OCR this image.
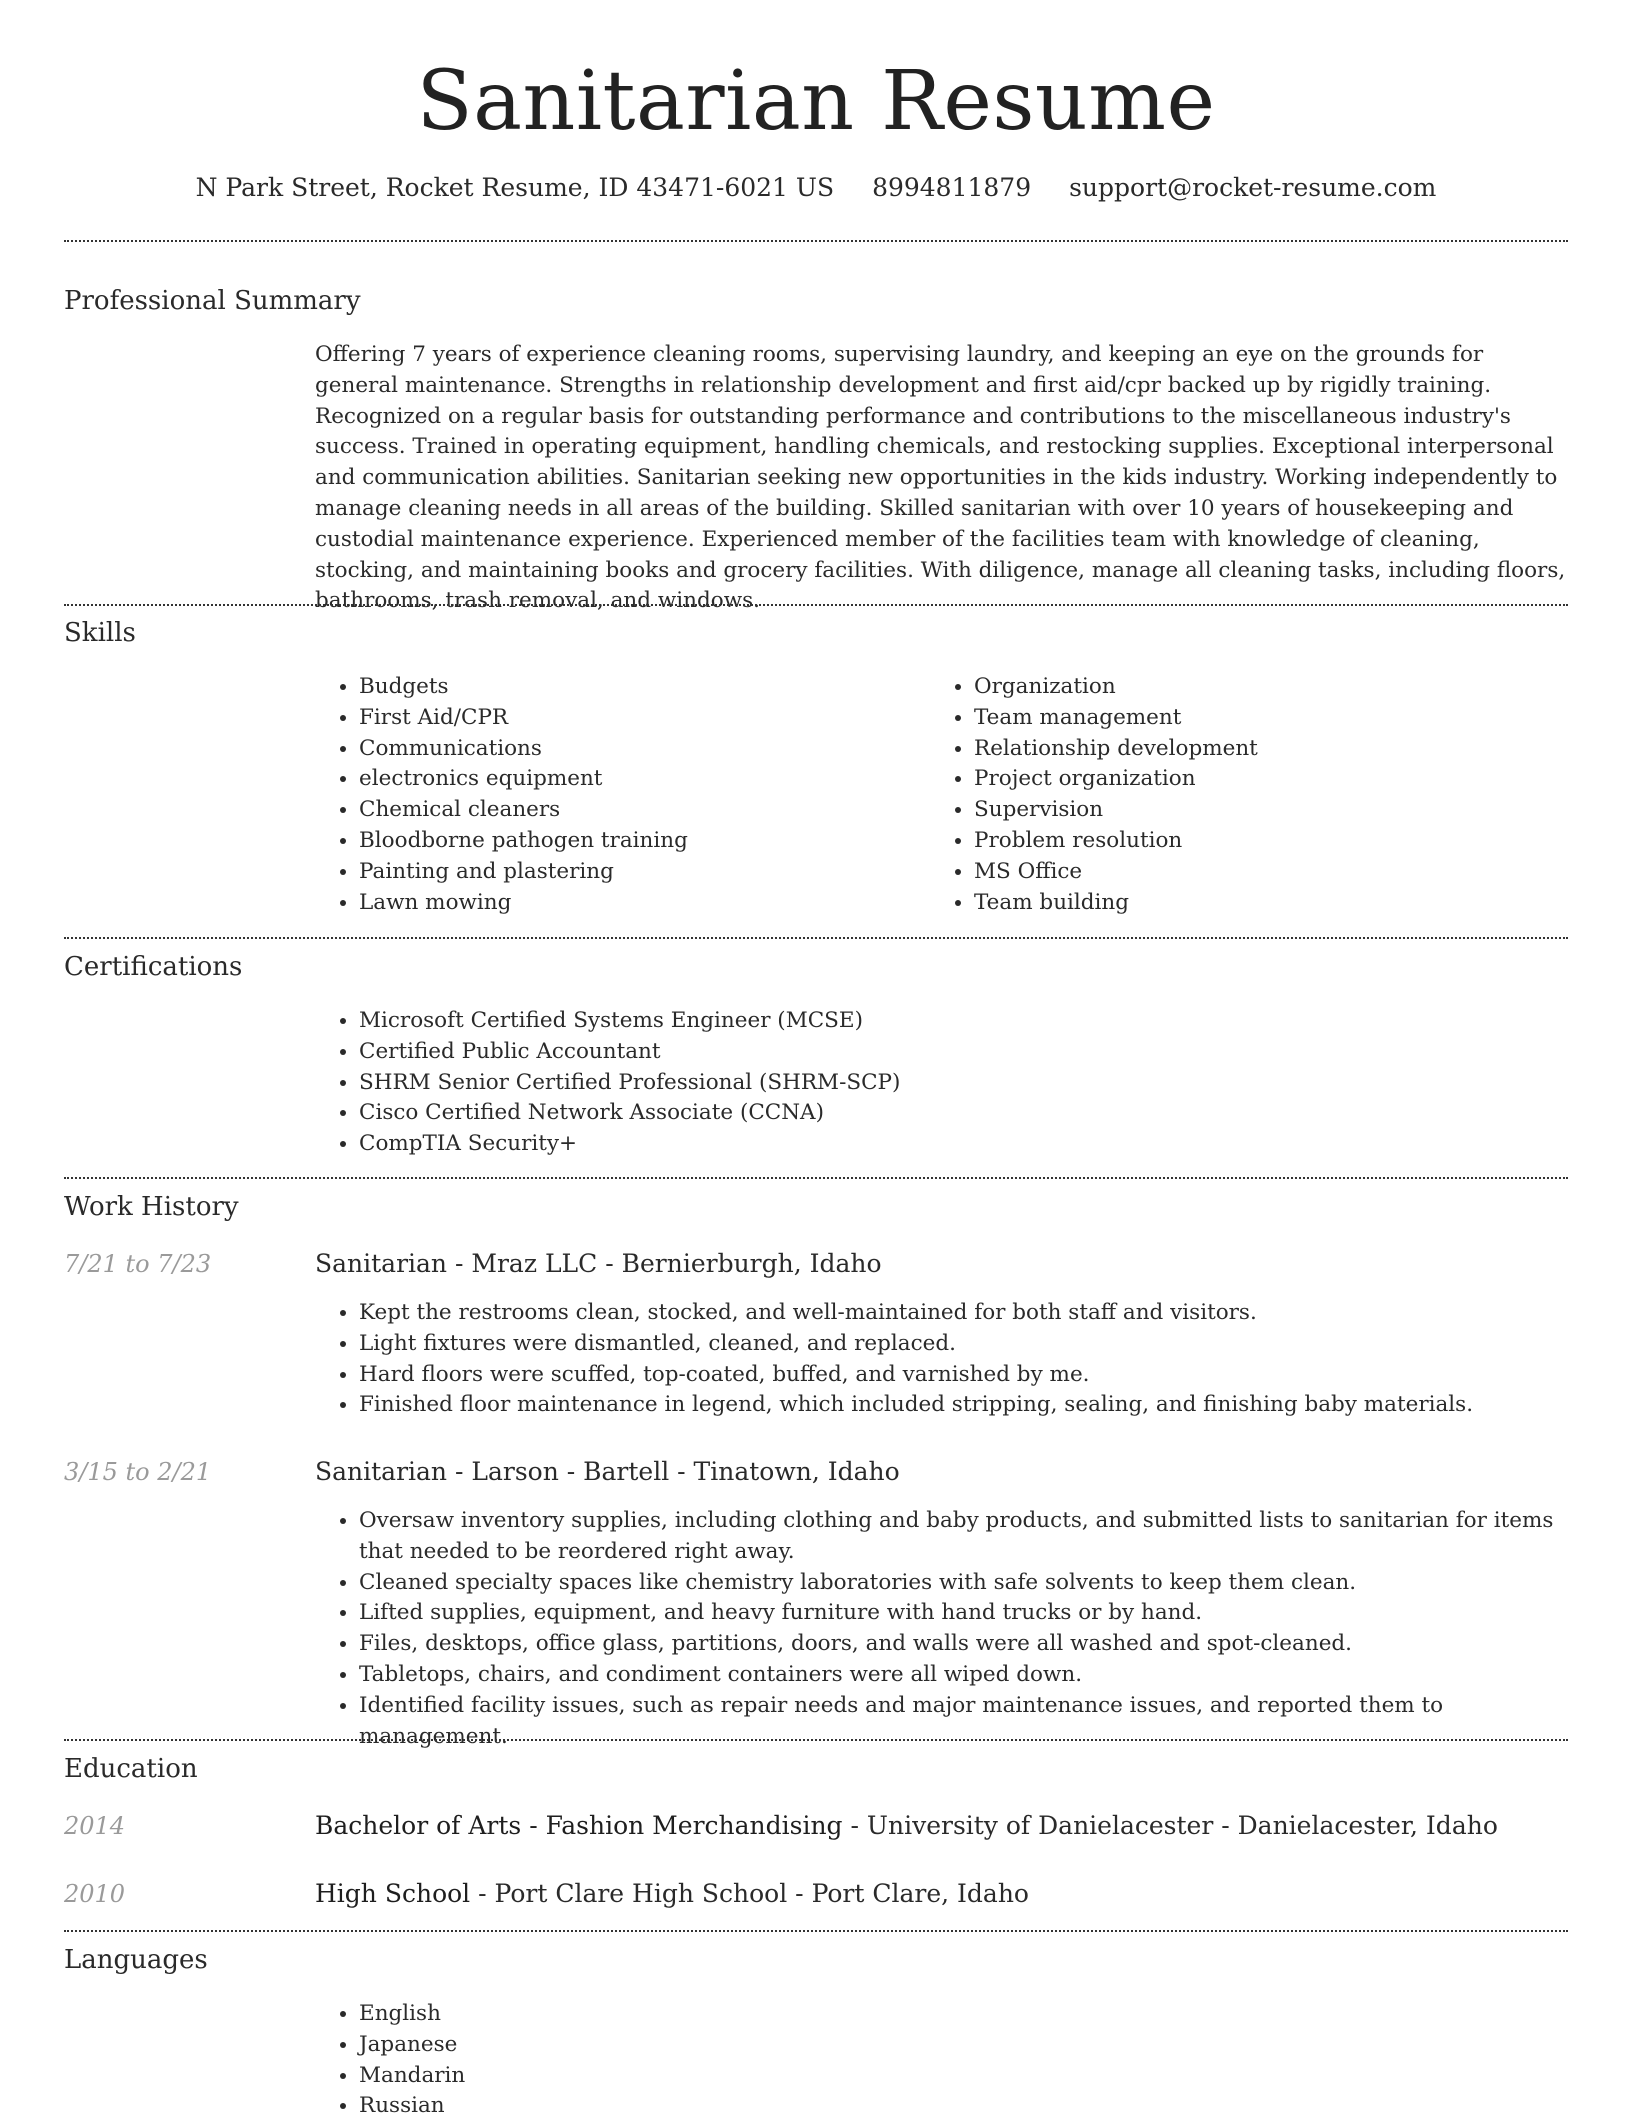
Sanitarian Resume
N Park Street, Rocket Resume, ID 43471-6021 US 8994811879 support@rocket-resume.com
Professional Summary

Offering 7 years of experience cleaning rooms, supervising laundry, and keeping an eye on the grounds for general maintenance. Strengths in relationship development and first aid/cpr backed up by rigidly training. Recognized on a regular basis for outstanding performance and contributions to the miscellaneous industry's success. Trained in operating equipment, handling chemicals, and restocking supplies. Exceptional interpersonal and communication abilities. Sanitarian seeking new opportunities in the kids industry. Working independently to manage cleaning needs in all areas of the building. Skilled sanitarian with over 10 years of housekeeping and custodial maintenance experience. Experienced member of the facilities team with knowledge of cleaning, stocking, and maintaining books and grocery facilities. With diligence, manage all cleaning tasks, including floors, bathrooms, trash removal, and windows.

Skills
• Budgets
• First Aid/CPR
• Communications
• electronics equipment
• Chemical cleaners
• Bloodborne pathogen training
• Painting and plastering
• Lawn mowing
• Organization
• Team management
• Relationship development
• Project organization
• Supervision
• Problem resolution
• MS Office
• Team building
Certifications
• Microsoft Certified Systems Engineer (MCSE)
• Certified Public Accountant
• SHRM Senior Certified Professional (SHRM-SCP)
• Cisco Certified Network Associate (CCNA)
• CompTIA Security+
Work History
7/21 to 7/23	Sanitarian - Mraz LLC - Bernierburgh, Idaho
• Kept the restrooms clean, stocked, and well-maintained for both staff and visitors.
• Light fixtures were dismantled, cleaned, and replaced.
• Hard floors were scuffed, top-coated, buffed, and varnished by me.
• Finished floor maintenance in legend, which included stripping, sealing, and finishing baby materials.
3/15 to 2/21	Sanitarian - Larson - Bartell - Tinatown, Idaho
• Oversaw inventory supplies, including clothing and baby products, and submitted lists to sanitarian for items that needed to be reordered right away.
• Cleaned specialty spaces like chemistry laboratories with safe solvents to keep them clean.
• Lifted supplies, equipment, and heavy furniture with hand trucks or by hand.
• Files, desktops, office glass, partitions, doors, and walls were all washed and spot-cleaned.
• Tabletops, chairs, and condiment containers were all wiped down.
• Identified facility issues, such as repair needs and major maintenance issues, and reported them to management.
Education
2014	Bachelor of Arts - Fashion Merchandising - University of Danielacester - Danielacester, Idaho
2010	High School - Port Clare High School - Port Clare, Idaho
Languages
• English
• Japanese
• Mandarin
• Russian
